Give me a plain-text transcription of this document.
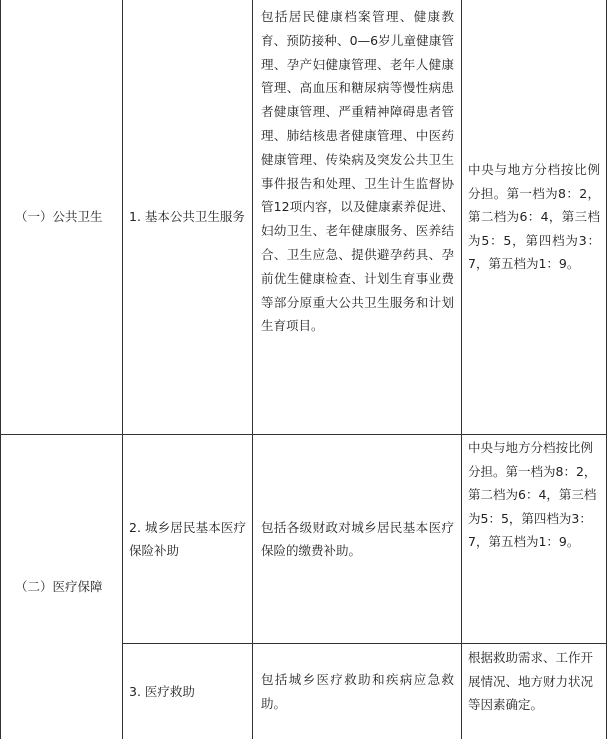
（一）公共卫生 1. 基本公共卫生服务
包括居民健康档案管理、健康教育、预防接种、0—6岁儿童健康管理、孕产妇健康管理、老年人健康管理、高血压和糖尿病等慢性病患者健康管理、严重精神障碍患者管理、肺结核患者健康管理、中医药健康管理、传染病及突发公共卫生事件报告和处理、卫生计生监督协管12项内容，以及健康素养促进、妇幼卫生、老年健康服务、医养结合、卫生应急、提供避孕药具、孕前优生健康检查、计划生育事业费等部分原重大公共卫生服务和计划生育项目。
中央与地方分档按比例分担。第一档为8：2，第二档为6：4，第三档为5：5，第四档为3：7，第五档为1：9。
（二）医疗保障
2. 城乡居民基本医疗保险补助
包括各级财政对城乡居民基本医疗保险的缴费补助。
中央与地方分档按比例分担。第一档为8：2，第二档为6：4，第三档为5：5，第四档为3：7，第五档为1：9。
3. 医疗救助
包括城乡医疗救助和疾病应急救助。
根据救助需求、工作开展情况、地方财力状况等因素确定。
